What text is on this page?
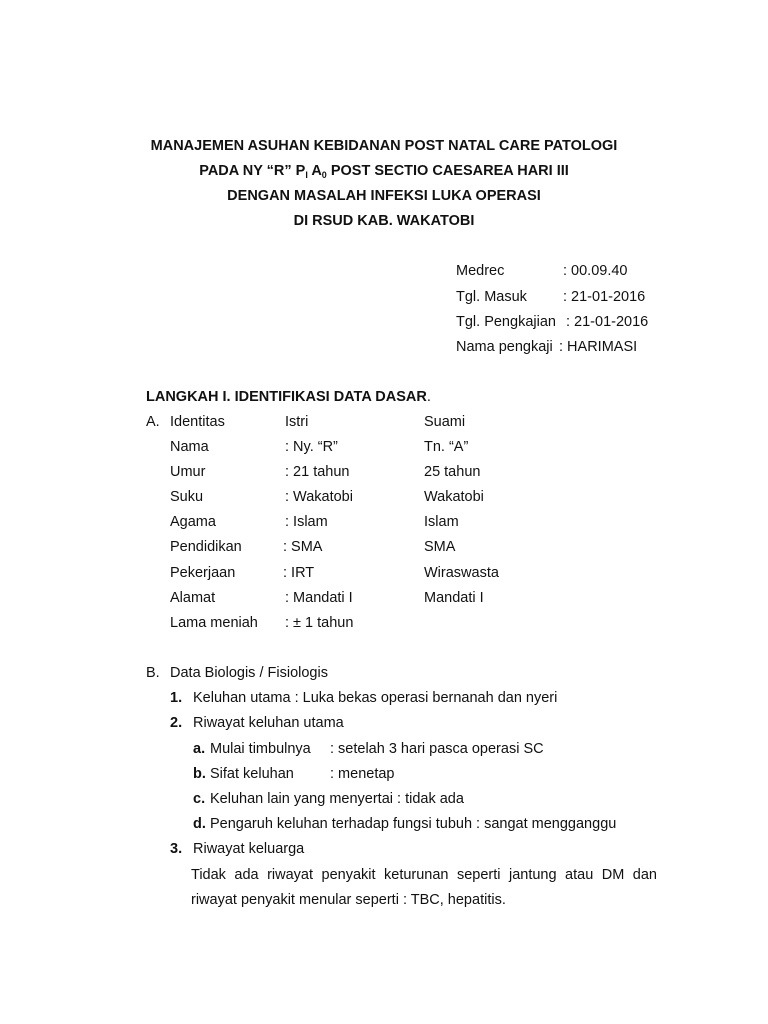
MANAJEMEN ASUHAN KEBIDANAN POST NATAL CARE PATOLOGI
PADA NY “R” $P_I$ $A_0$ POST SECTIO CAESAREA HARI III
DENGAN MASALAH INFEKSI LUKA OPERASI
DI RSUD KAB. WAKATOBI
Medrec	: 00.09.40
Tgl. Masuk : 21-01-2016
Tgl. Pengkajian : 21-01-2016
Nama pengkaji : HARIMASI
LANGKAH I. IDENTIFIKASI DATA DASAR.
A. Identitas	Istri	Suami
Nama	: Ny. “R”	Tn. “A”
Umur	: 21 tahun	25 tahun
Suku	: Wakatobi	Wakatobi
Agama	: Islam	Islam
Pendidikan	: SMA	SMA
Pekerjaan	: IRT	Wiraswasta
Alamat	: Mandati I	Mandati I
Lama meniah : ± 1 tahun
B. Data Biologis / Fisiologis
1. Keluhan utama : Luka bekas operasi bernanah dan nyeri
2. Riwayat keluhan utama
a. Mulai timbulnya : setelah 3 hari pasca operasi SC
b. Sifat keluhan : menetap
c. Keluhan lain yang menyertai : tidak ada
d. Pengaruh keluhan terhadap fungsi tubuh : sangat mengganggu
3. Riwayat keluarga
Tidak ada riwayat penyakit keturunan seperti jantung atau DM dan
riwayat penyakit menular seperti : TBC, hepatitis.
